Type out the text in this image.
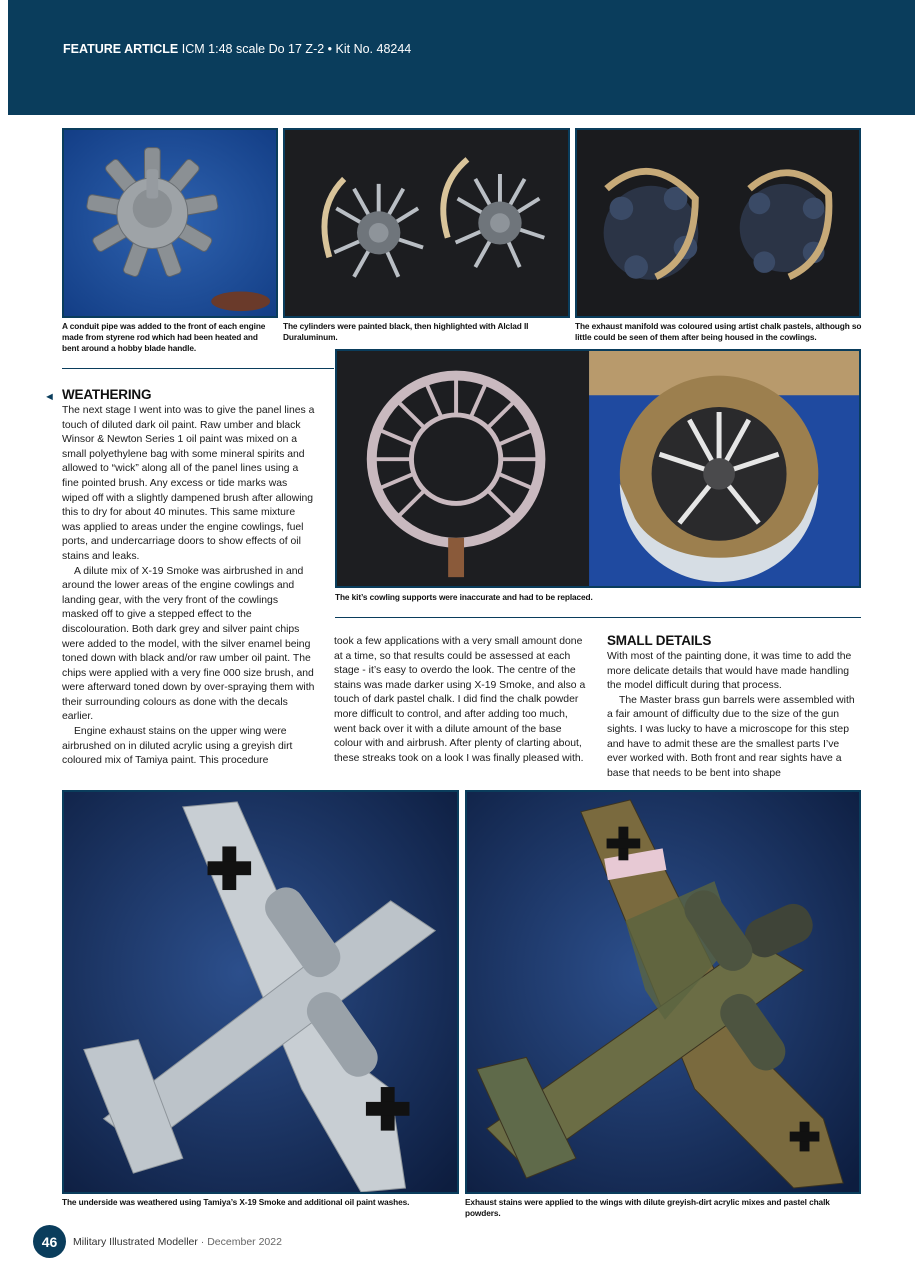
FEATURE ARTICLE ICM 1:48 scale Do 17 Z-2 • Kit No. 48244
A conduit pipe was added to the front of each engine made from styrene rod which had been heated and bent around a hobby blade handle.
The cylinders were painted black, then highlighted with Alclad II Duraluminum.
The exhaust manifold was coloured using artist chalk pastels, although so little could be seen of them after being housed in the cowlings.
The kit’s cowling supports were inaccurate and had to be replaced.
◄ WEATHERING

The next stage I went into was to give the panel lines a touch of diluted dark oil paint. Raw umber and black Winsor & Newton Series 1 oil paint was mixed on a small polyethylene bag with some mineral spirits and allowed to “wick” along all of the panel lines using a fine pointed brush. Any excess or tide marks was wiped off with a slightly dampened brush after allowing this to dry for about 40 minutes. This same mixture was applied to areas under the engine cowlings, fuel ports, and undercarriage doors to show effects of oil stains and leaks.

A dilute mix of X-19 Smoke was airbrushed in and around the lower areas of the engine cowlings and landing gear, with the very front of the cowlings masked off to give a stepped effect to the discolouration. Both dark grey and silver paint chips were added to the model, with the silver enamel being toned down with black and/or raw umber oil paint. The chips were applied with a very fine 000 size brush, and were afterward toned down by over-spraying them with their surrounding colours as done with the decals earlier.

Engine exhaust stains on the upper wing were airbrushed on in diluted acrylic using a greyish dirt coloured mix of Tamiya paint. This procedure

took a few applications with a very small amount done at a time, so that results could be assessed at each stage - it’s easy to overdo the look. The centre of the stains was made darker using X-19 Smoke, and also a touch of dark pastel chalk. I did find the chalk powder more difficult to control, and after adding too much, went back over it with a dilute amount of the base colour with and airbrush. After plenty of clarting about, these streaks took on a look I was finally pleased with.
SMALL DETAILS

With most of the painting done, it was time to add the more delicate details that would have made handling the model difficult during that process.

The Master brass gun barrels were assembled with a fair amount of difficulty due to the size of the gun sights. I was lucky to have a microscope for this step and have to admit these are the smallest parts I’ve ever worked with. Both front and rear sights have a base that needs to be bent into shape

The underside was weathered using Tamiya’s X-19 Smoke and additional oil paint washes.	Exhaust stains were applied to the wings with dilute greyish-dirt acrylic mixes and pastel chalk powders.
46	Military Illustrated Modeller · December 2022
